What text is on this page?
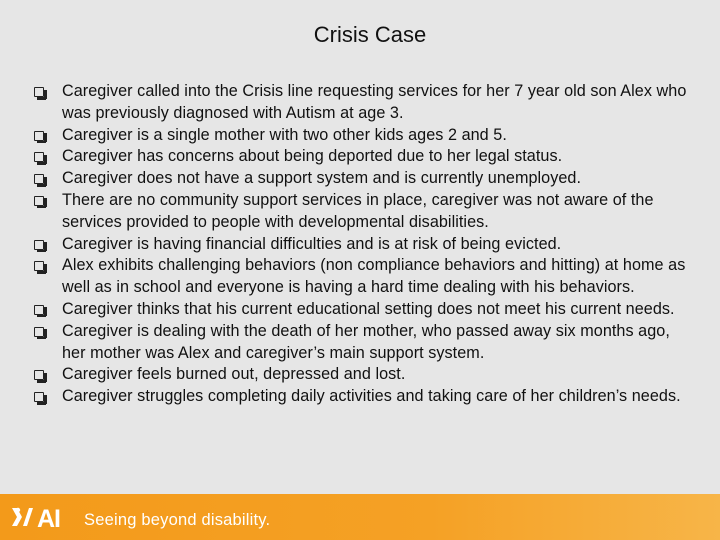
Crisis Case
Caregiver called into the Crisis line requesting services for her 7 year old son Alex who was previously diagnosed with Autism at age 3.
Caregiver is a single mother with two other kids ages 2 and 5.
Caregiver has concerns about being deported due to her legal status.
Caregiver does not have a support system and is currently unemployed.
There are no community support services in place, caregiver was not aware of the services provided to people with developmental disabilities.
Caregiver is having financial difficulties and is at risk of being evicted.
Alex exhibits challenging behaviors (non compliance behaviors and hitting) at home as well as in school and everyone is having a hard time dealing with his behaviors.
Caregiver thinks that his current educational setting does not meet his current needs.
Caregiver is dealing with the death of her mother, who passed away six months ago, her mother was Alex and caregiver’s main support system.
Caregiver feels burned out, depressed and lost.
Caregiver struggles completing daily activities and taking care of her children’s needs.
AI Seeing beyond disability.
